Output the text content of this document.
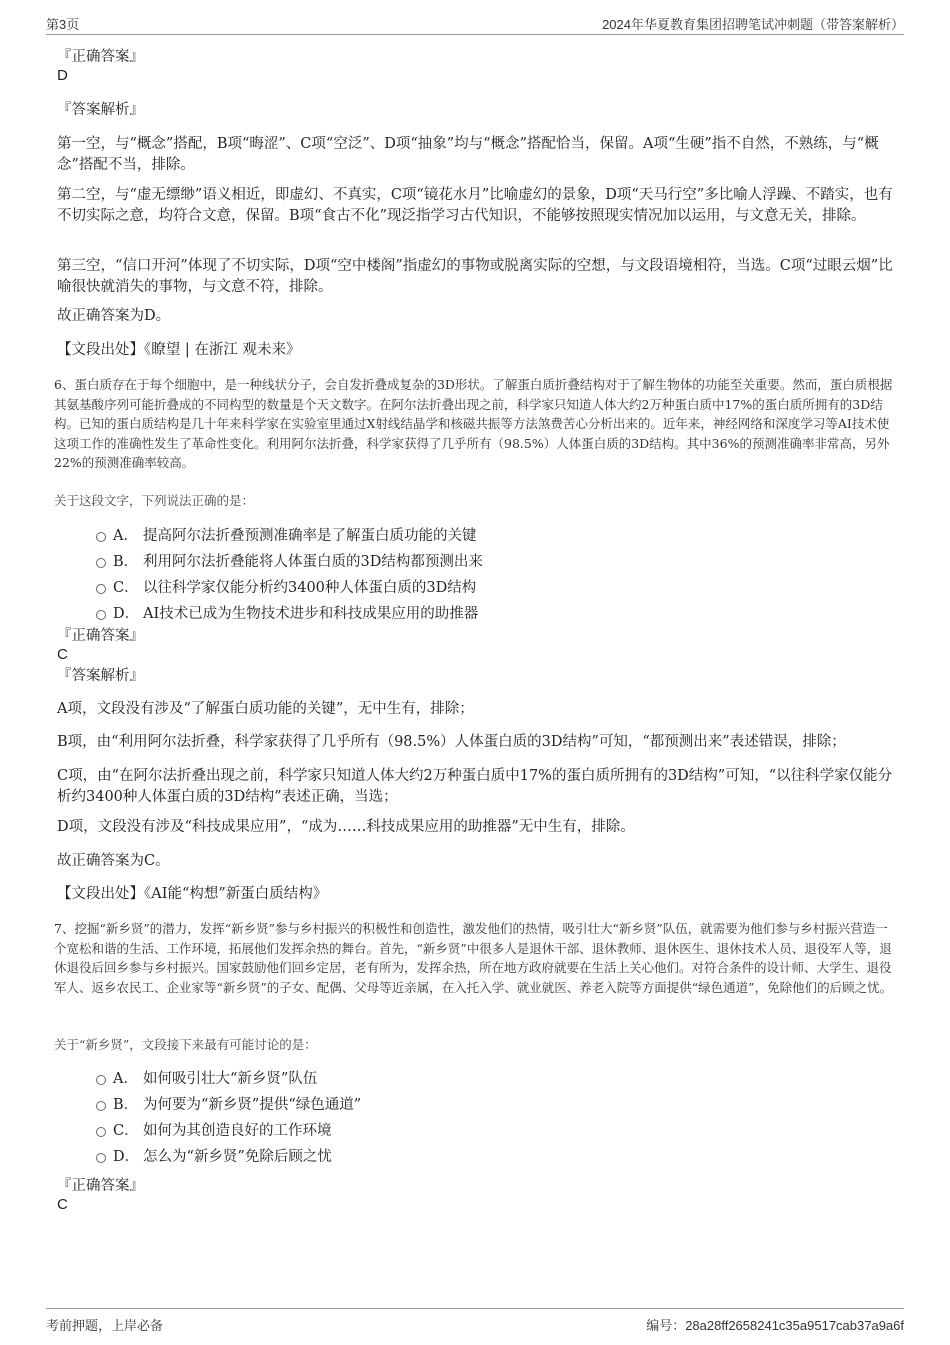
第3页	2024年华夏教育集团招聘笔试冲刺题（带答案解析）
『正确答案』
D
『答案解析』
第一空，与“概念”搭配，B项“晦涩”、C项“空泛”、D项“抽象”均与“概念”搭配恰当，保留。A项“生硬”指不自然，不熟练，与“概念”搭配不当，排除。
第二空，与“虚无缥缈”语义相近，即虚幻、不真实，C项“镜花水月”比喻虚幻的景象，D项“天马行空”多比喻人浮躁、不踏实，也有不切实际之意，均符合文意，保留。B项“食古不化”现泛指学习古代知识，不能够按照现实情况加以运用，与文意无关，排除。
第三空，“信口开河”体现了不切实际，D项“空中楼阁”指虚幻的事物或脱离实际的空想，与文段语境相符，当选。C项“过眼云烟”比喻很快就消失的事物，与文意不符，排除。
故正确答案为D。
【文段出处】《瞭望 | 在浙江 观未来》
6、蛋白质存在于每个细胞中，是一种线状分子，会自发折叠成复杂的3D形状。了解蛋白质折叠结构对于了解生物体的功能至关重要。然而，蛋白质根据其氨基酸序列可能折叠成的不同构型的数量是个天文数字。在阿尔法折叠出现之前，科学家只知道人体大约2万种蛋白质中17%的蛋白质所拥有的3D结构。已知的蛋白质结构是几十年来科学家在实验室里通过X射线结晶学和核磁共振等方法煞费苦心分析出来的。近年来，神经网络和深度学习等AI技术使这项工作的准确性发生了革命性变化。利用阿尔法折叠，科学家获得了几乎所有（98.5%）人体蛋白质的3D结构。其中36%的预测准确率非常高，另外22%的预测准确率较高。
关于这段文字，下列说法正确的是：
A． 提高阿尔法折叠预测准确率是了解蛋白质功能的关键
B． 利用阿尔法折叠能将人体蛋白质的3D结构都预测出来
C． 以往科学家仅能分析约3400种人体蛋白质的3D结构
D． AI技术已成为生物技术进步和科技成果应用的助推器
『正确答案』
C
『答案解析』
A项，文段没有涉及“了解蛋白质功能的关键”，无中生有，排除；
B项，由“利用阿尔法折叠，科学家获得了几乎所有（98.5%）人体蛋白质的3D结构”可知，“都预测出来”表述错误，排除；
C项，由“在阿尔法折叠出现之前，科学家只知道人体大约2万种蛋白质中17%的蛋白质所拥有的3D结构”可知，“以往科学家仅能分析约3400种人体蛋白质的3D结构”表述正确，当选；
D项，文段没有涉及“科技成果应用”，“成为……科技成果应用的助推器”无中生有，排除。
故正确答案为C。
【文段出处】《AI能“构想”新蛋白质结构》
7、挖掘“新乡贤”的潜力，发挥“新乡贤”参与乡村振兴的积极性和创造性，激发他们的热情，吸引壮大“新乡贤”队伍，就需要为他们参与乡村振兴营造一个宽松和谐的生活、工作环境，拓展他们发挥余热的舞台。首先，“新乡贤”中很多人是退休干部、退休教师、退休医生、退休技术人员、退役军人等，退休退役后回乡参与乡村振兴。国家鼓励他们回乡定居，老有所为，发挥余热，所在地方政府就要在生活上关心他们。对符合条件的设计师、大学生、退役军人、返乡农民工、企业家等“新乡贤”的子女、配偶、父母等近亲属，在入托入学、就业就医、养老入院等方面提供“绿色通道”，免除他们的后顾之忧。
关于“新乡贤”，文段接下来最有可能讨论的是：
A． 如何吸引壮大“新乡贤”队伍
B． 为何要为“新乡贤”提供“绿色通道”
C． 如何为其创造良好的工作环境
D． 怎么为“新乡贤”免除后顾之忧
『正确答案』
C
考前押题，上岸必备	编号：28a28ff2658241c35a9517cab37a9a6f
